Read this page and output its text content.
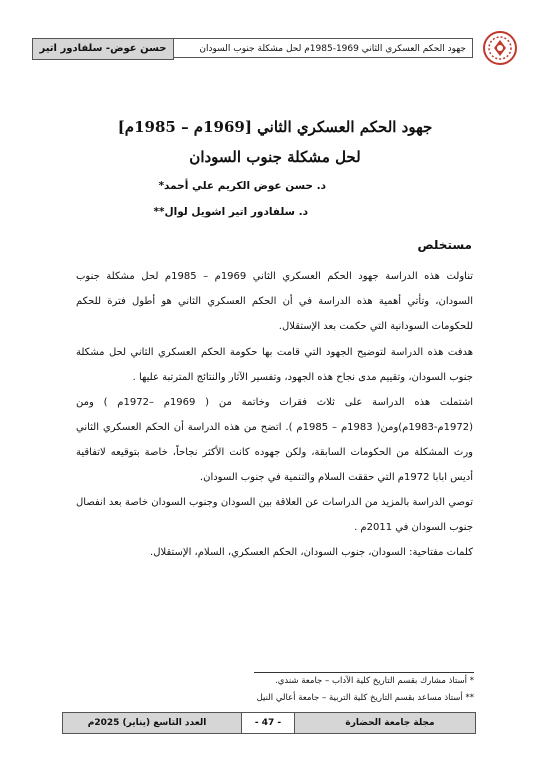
حسن عوض- سلفادور اتير	جهود الحكم العسكري الثاني 1969-1985م لحل مشكلة جنوب السودان
جهود الحكم العسكري الثاني [1969م – 1985م]
لحل مشكلة جنوب السودان
د. حسن عوض الكريم علي أحمد*
د. سلفادور اتير اشويل لوال**
مستخلص
تناولت هذه الدراسة جهود الحكم العسكري الثاني 1969م – 1985م لحل مشكلة جنوب السودان، وتأتي أهمية هذه الدراسة في أن الحكم العسكري الثاني هو أطول فترة للحكم للحكومات السودانية التي حكمت بعد الإستقلال.
هدفت هذه الدراسة لتوضيح الجهود التي قامت بها حكومة الحكم العسكري الثاني لحل مشكلة جنوب السودان، وتقييم مدى نجاح هذه الجهود، وتفسير الآثار والنتائج المترتبة عليها .
اشتملت هذه الدراسة على ثلاث فقرات وخاتمة من ( 1969م –1972م ) ومن (1972م-1983م)ومن( 1983م – 1985م ). اتضح من هذه الدراسة أن الحكم العسكري الثاني ورث المشكلة من الحكومات السابقة، ولكن جهوده كانت الأكثر نجاحاً، خاصة بتوقيعه لاتفاقية أديس ابابا 1972م التي حققت السلام والتنمية في جنوب السودان.
توصي الدراسة بالمزيد من الدراسات عن العلاقة بين السودان وجنوب السودان خاصة بعد انفصال جنوب السودان في 2011م .
كلمات مفتاحية: السودان، جنوب السودان، الحكم العسكري، السلام، الإستقلال.
* أستاذ مشارك بقسم التاريخ كلية الآداب – جامعة شندي.
** أستاذ مساعد بقسم التاريخ كلية التربية – جامعة أعالي النيل
العدد التاسع (يناير) 2025م	- 47 -	مجلة جامعة الحضارة
